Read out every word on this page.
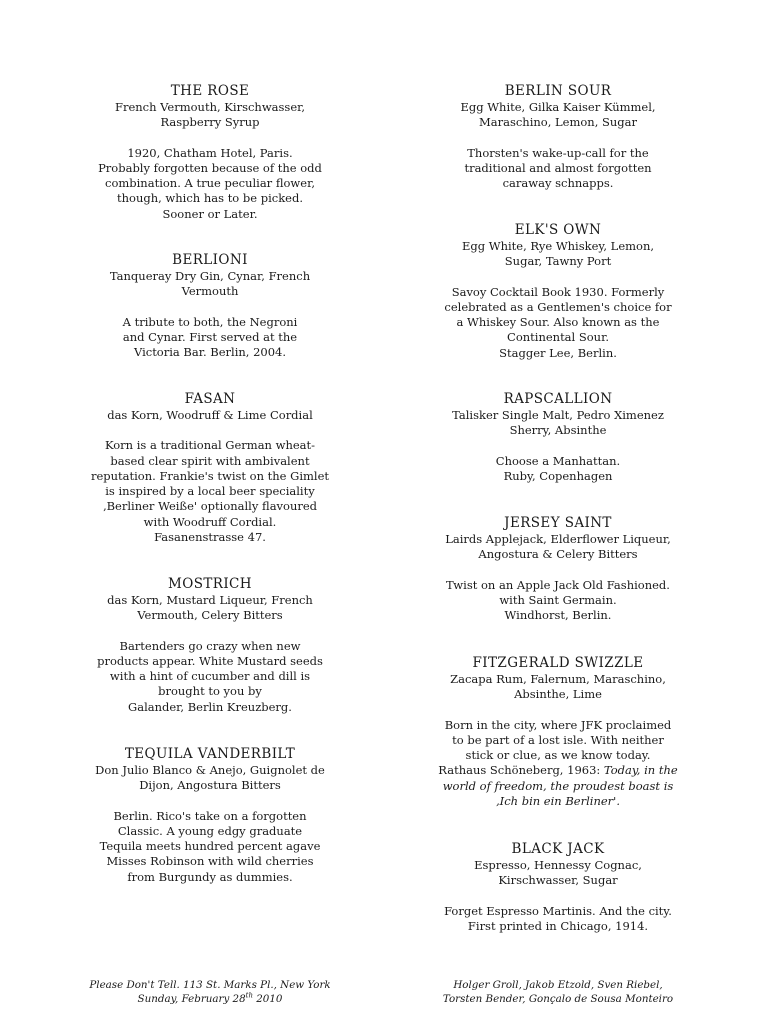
THE ROSE
French Vermouth, Kirschwasser,
Raspberry Syrup
1920, Chatham Hotel, Paris.
Probably forgotten because of the odd
combination. A true peculiar flower,
though, which has to be picked.
Sooner or Later.
BERLIONI
Tanqueray Dry Gin, Cynar, French
Vermouth
A tribute to both, the Negroni
and Cynar. First served at the
Victoria Bar. Berlin, 2004.
FASAN
das Korn, Woodruff & Lime Cordial
Korn is a traditional German wheat-
based clear spirit with ambivalent
reputation. Frankie's twist on the Gimlet
is inspired by a local beer speciality
‚Berliner Weiße' optionally flavoured
with Woodruff Cordial.
Fasanenstrasse 47.
MOSTRICH
das Korn, Mustard Liqueur, French
Vermouth, Celery Bitters
Bartenders go crazy when new
products appear. White Mustard seeds
with a hint of cucumber and dill is
brought to you by
Galander, Berlin Kreuzberg.
TEQUILA VANDERBILT
Don Julio Blanco & Anejo, Guignolet de
Dijon, Angostura Bitters
Berlin. Rico's take on a forgotten
Classic. A young edgy graduate
Tequila meets hundred percent agave
Misses Robinson with wild cherries
from Burgundy as dummies.
BERLIN SOUR
Egg White, Gilka Kaiser Kümmel,
Maraschino, Lemon, Sugar
Thorsten's wake-up-call for the
traditional and almost forgotten
caraway schnapps.
ELK'S OWN
Egg White, Rye Whiskey, Lemon,
Sugar, Tawny Port
Savoy Cocktail Book 1930. Formerly
celebrated as a Gentlemen's choice for
a Whiskey Sour. Also known as the
Continental Sour.
Stagger Lee, Berlin.
RAPSCALLION
Talisker Single Malt, Pedro Ximenez
Sherry, Absinthe
Choose a Manhattan.
Ruby, Copenhagen
JERSEY SAINT
Lairds Applejack, Elderflower Liqueur,
Angostura & Celery Bitters
Twist on an Apple Jack Old Fashioned.
with Saint Germain.
Windhorst, Berlin.
FITZGERALD SWIZZLE
Zacapa Rum, Falernum, Maraschino,
Absinthe, Lime
Born in the city, where JFK proclaimed
to be part of a lost isle. With neither
stick or clue, as we know today.
Rathaus Schöneberg, 1963: Today, in the
world of freedom, the proudest boast is
‚Ich bin ein Berliner'.
BLACK JACK
Espresso, Hennessy Cognac,
Kirschwasser, Sugar
Forget Espresso Martinis. And the city.
First printed in Chicago, 1914.
Please Don't Tell. 113 St. Marks Pl., New York
Sunday, February 28th 2010
Holger Groll, Jakob Etzold, Sven Riebel,
Torsten Bender, Gonçalo de Sousa Monteiro
